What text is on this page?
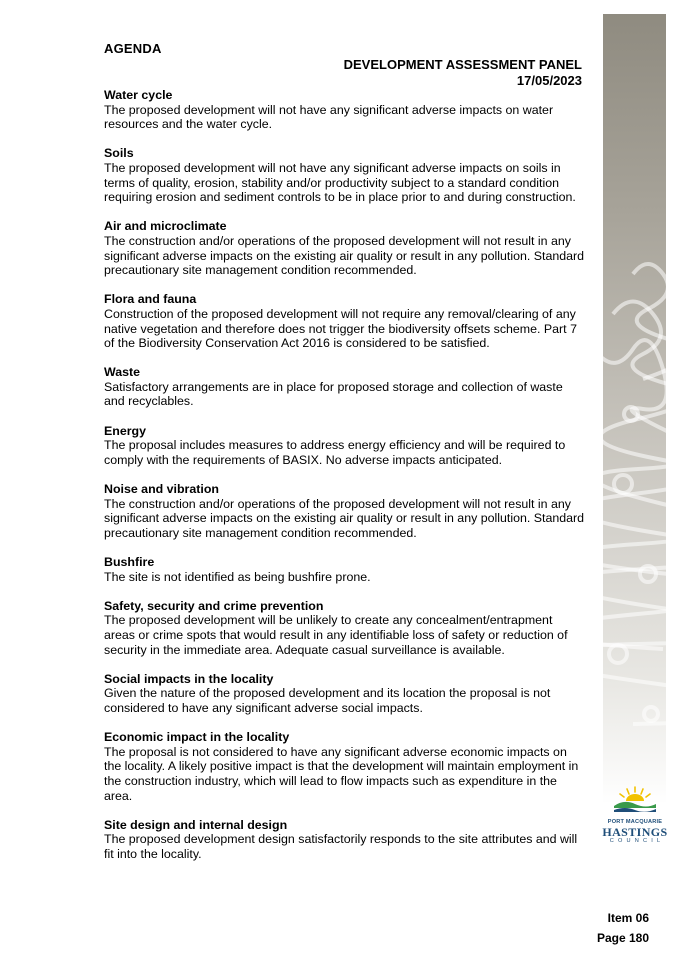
AGENDA
DEVELOPMENT ASSESSMENT PANEL
17/05/2023
Water cycle

The proposed development will not have any significant adverse impacts on water resources and the water cycle.

Soils

The proposed development will not have any significant adverse impacts on soils in terms of quality, erosion, stability and/or productivity subject to a standard condition requiring erosion and sediment controls to be in place prior to and during construction.

Air and microclimate

The construction and/or operations of the proposed development will not result in any significant adverse impacts on the existing air quality or result in any pollution. Standard precautionary site management condition recommended.

Flora and fauna

Construction of the proposed development will not require any removal/clearing of any native vegetation and therefore does not trigger the biodiversity offsets scheme. Part 7 of the Biodiversity Conservation Act 2016 is considered to be satisfied.

Waste

Satisfactory arrangements are in place for proposed storage and collection of waste and recyclables.

Energy

The proposal includes measures to address energy efficiency and will be required to comply with the requirements of BASIX. No adverse impacts anticipated.

Noise and vibration

The construction and/or operations of the proposed development will not result in any significant adverse impacts on the existing air quality or result in any pollution. Standard precautionary site management condition recommended.

Bushfire

The site is not identified as being bushfire prone.

Safety, security and crime prevention

The proposed development will be unlikely to create any concealment/entrapment areas or crime spots that would result in any identifiable loss of safety or reduction of security in the immediate area. Adequate casual surveillance is available.

Social impacts in the locality

Given the nature of the proposed development and its location the proposal is not considered to have any significant adverse social impacts.

Economic impact in the locality

The proposal is not considered to have any significant adverse economic impacts on the locality. A likely positive impact is that the development will maintain employment in the construction industry, which will lead to flow impacts such as expenditure in the area.

Site design and internal design

The proposed development design satisfactorily responds to the site attributes and will fit into the locality.

PORT MACQUARIE
HASTINGS
COUNCIL
Item 06
Page 180
